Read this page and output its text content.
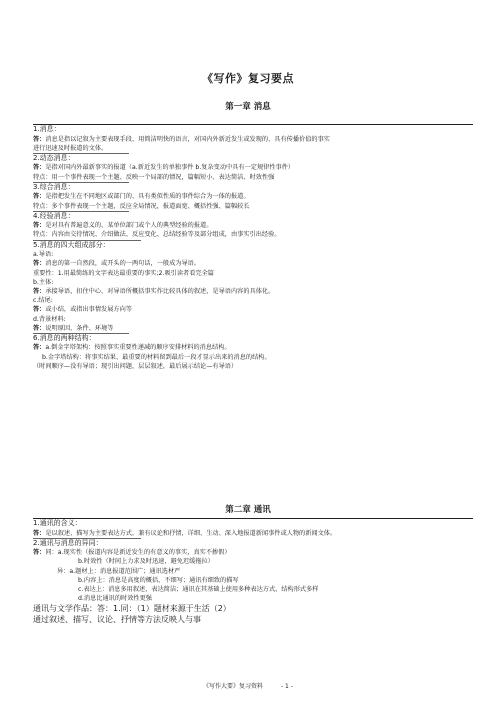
《写作》复习要点
第一章 消息
1.消息：
答：消息是指以记叙为主要表现手段、用简洁明快的语言，对国内外新近发生或发现的、具有传播价值的事实
进行迅速及时报道的文体。
2.动态消息：
答：是指对国内外最新事实的报道（a.新近发生的单独事件 b.复杂变动中具有一定规律性事件）
特点：用一个事件表现一个主题、反映一个局部的情况，篇幅短小、表达简洁、时效性强
3.综合消息：
答：是指把发生在不同地区或部门的、具有类似性质的事件综合为一体的报道。
特点：多个事件表现一个主题，反应全局情况，报道面宽、概括性强、篇幅较长
4.经验消息：
答：是对具有普遍意义的、某单位部门或个人的典型经验的报道。
特点：内容由交待情况、介绍做法、反应变化、总结经验等及部分组成，由事实引出经验。
5.消息的四大组成部分：
a.导语:
答：消息的第一自然段，或开头的一两句话，一般成为导语。
重要性：1.用最简练的文字表达最重要的事实;2.吸引读者看完全篇
b.主体:
答：承接导语，扣住中心，对导语所概括事实作比较具体的叙述，是导语内容的具体化。
c.结尾:
答：或小结，或指出事情发展方向等
d.背景材料:
答：说明原因、条件、环境等
6.消息的两种结构：
答：a.倒金字塔架构：按照事实重要性递减的顺序安排材料的消息结构。
b.金字塔结构：将事实结果、最重要的材料留到最后一段才显示出来的消息的结构。
（时间顺序—没有导语；现引出问题，层层叙述，最后展示结论—有导语）
第二章 通讯
1.通讯的含义：
答：是以叙述、描写为主要表达方式，兼有议论和抒情，详细、生动、深入地报道新闻事件或人物的新闻文体。
2.通讯与消息的异同：
答：同：a.现实性（报道内容是新近发生的有意义的事实，真实不掺假）
b.时效性（时间上力求及时迅速，避免迟缓拖拉）
异：a.题材上：消息报道范围广；通讯选材严
b.内容上：消息是高度的概括，不细写；通讯有细致的描写
c.表达上：消息多用叙述，表达简洁；通讯在其基础上使用多种表达方式，结构形式多样
d.消息比通讯的时效性更强
通讯与文学作品：答：1.同：（1）题材来源于生活（2）
通过叙述、描写、议论、抒情等方法反映人与事
《写作大要》复习资料	- 1 -
